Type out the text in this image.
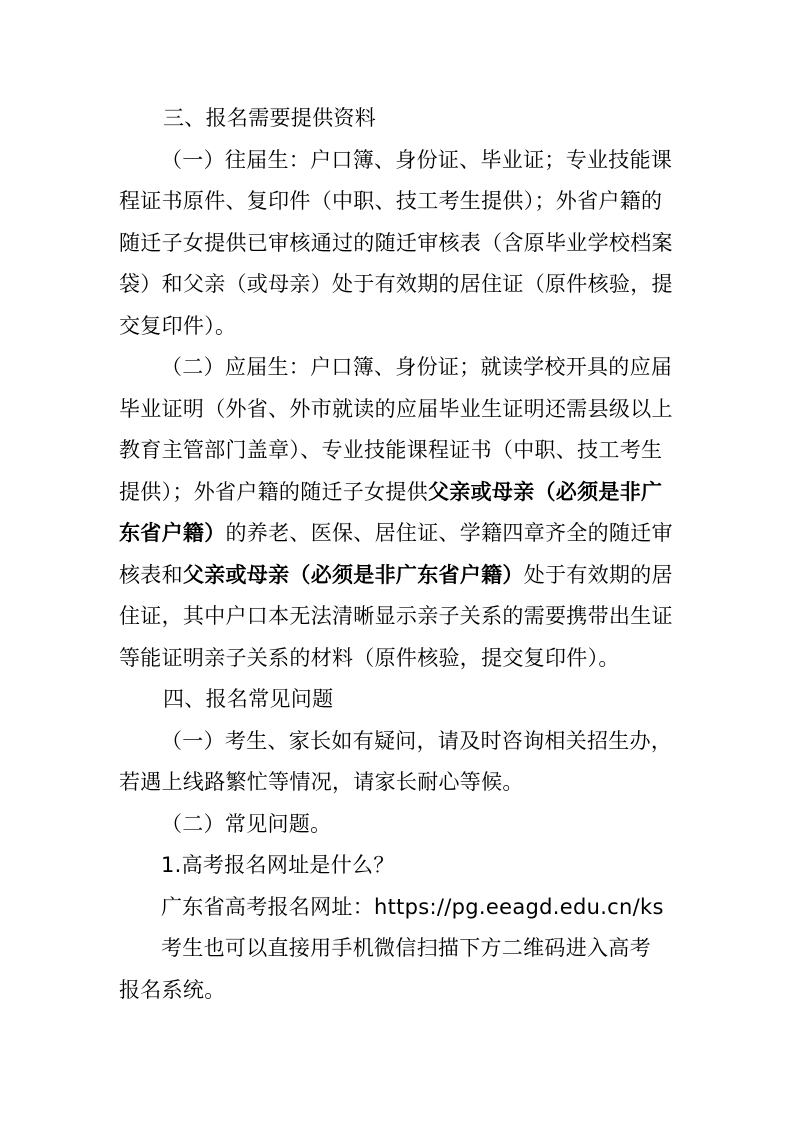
三、报名需要提供资料
（一）往届生：户口簿、身份证、毕业证；专业技能课
程证书原件、复印件（中职、技工考生提供）；外省户籍的
随迁子女提供已审核通过的随迁审核表（含原毕业学校档案
袋）和父亲（或母亲）处于有效期的居住证（原件核验，提
交复印件）。
（二）应届生：户口簿、身份证；就读学校开具的应届
毕业证明（外省、外市就读的应届毕业生证明还需县级以上
教育主管部门盖章）、专业技能课程证书（中职、技工考生
提供）；外省户籍的随迁子女提供父亲或母亲（必须是非广
东省户籍）的养老、医保、居住证、学籍四章齐全的随迁审
核表和父亲或母亲（必须是非广东省户籍）处于有效期的居
住证，其中户口本无法清晰显示亲子关系的需要携带出生证
等能证明亲子关系的材料（原件核验，提交复印件）。
四、报名常见问题
（一）考生、家长如有疑问，请及时咨询相关招生办，
若遇上线路繁忙等情况，请家长耐心等候。
（二）常见问题。
1.高考报名网址是什么？
广东省高考报名网址：https://pg.eeagd.edu.cn/ks
考生也可以直接用手机微信扫描下方二维码进入高考
报名系统。
